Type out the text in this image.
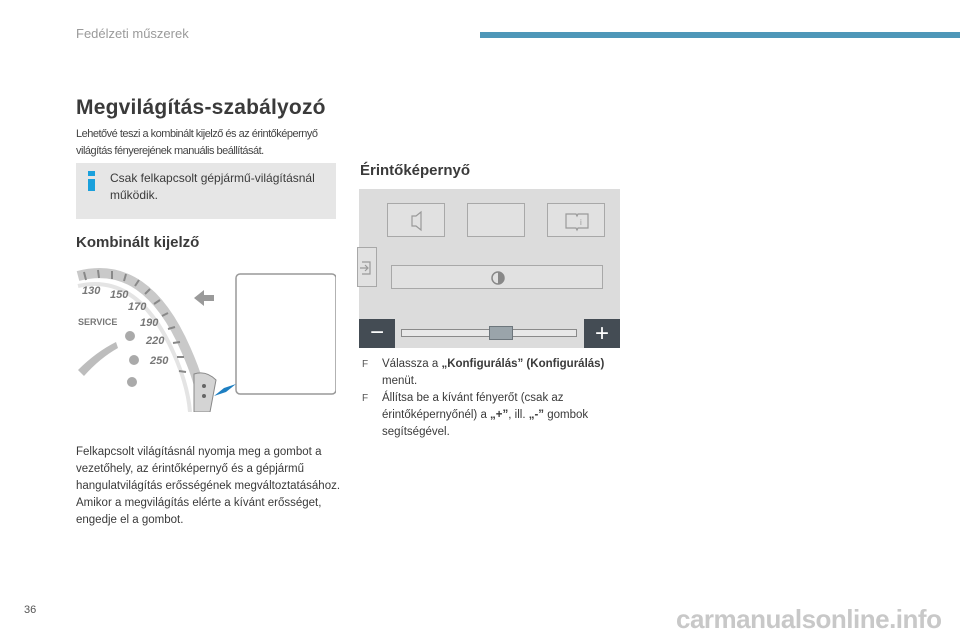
Fedélzeti műszerek
Megvilágítás-szabályozó
Lehetővé teszi a kombinált kijelző és az érintőképernyő világítás fényerejének manuális beállítását.
Csak felkapcsolt gépjármű-világításnál működik.
Kombinált kijelző
130 150
170
190
220
250
SERVICE
Felkapcsolt világításnál nyomja meg a gombot a vezetőhely, az érintőképernyő és a gépjármű hangulatvilágítás erősségének megváltoztatásához. Amikor a megvilágítás elérte a kívánt erősséget, engedje el a gombot.
Érintőképernyő
i
−	+
F Válassza a „Konfigurálás” (Konfigurálás) menüt.
F Állítsa be a kívánt fényerőt (csak az érintőképernyőnél) a „+”, ill. „-” gombok segítségével.
36	carmanualsonline.info
